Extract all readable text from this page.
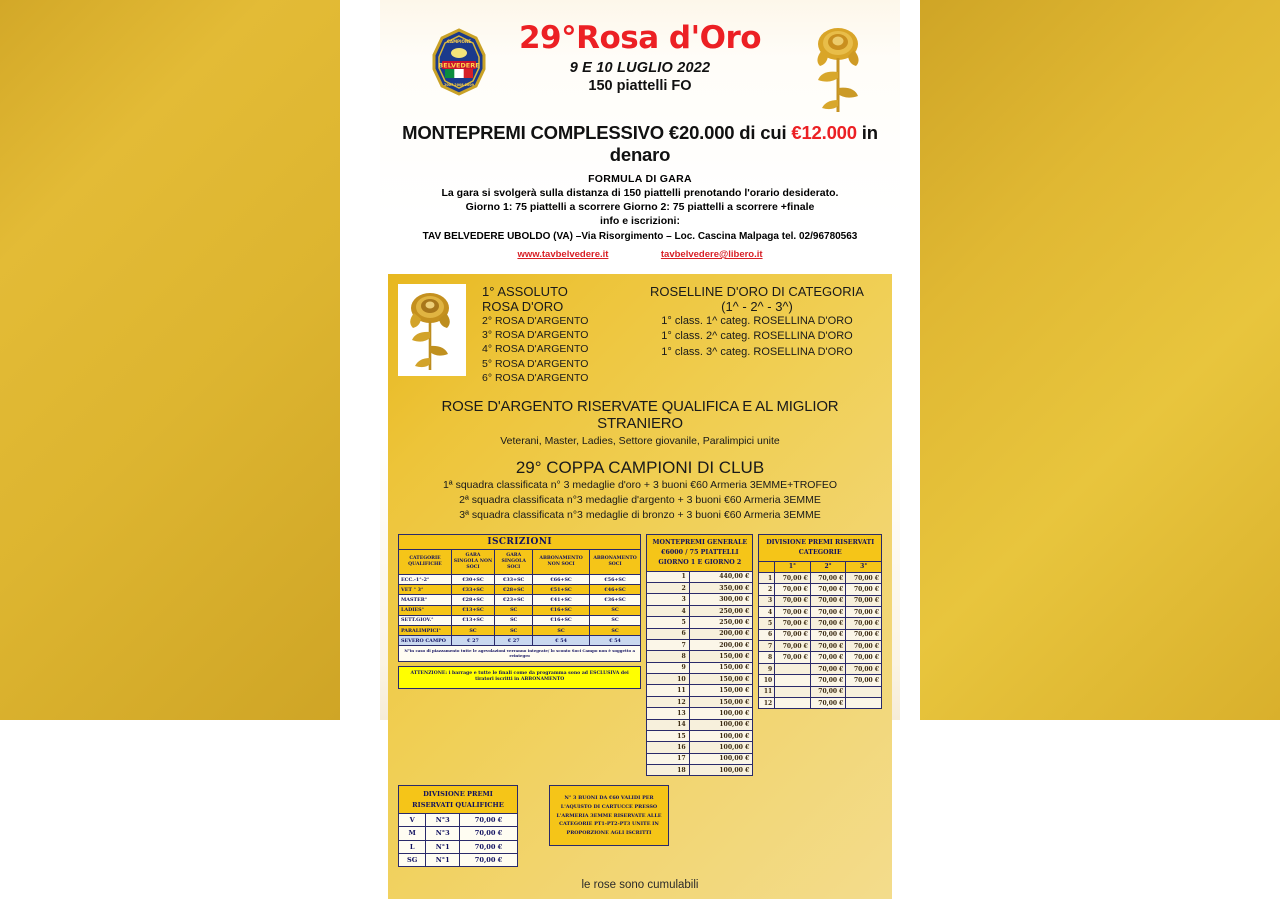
BELVEDERE
CAMPIONE
2007 2008 2009
29°Rosa d'Oro
9 E 10 LUGLIO 2022
150 piattelli FO
MONTEPREMI COMPLESSIVO €20.000 di cui €12.000 in denaro
FORMULA DI GARA
La gara si svolgerà sulla distanza di 150 piattelli prenotando l'orario desiderato.
Giorno 1: 75 piattelli a scorrere Giorno 2: 75 piattelli a scorrere +finale
info e iscrizioni:
TAV BELVEDERE UBOLDO (VA) –Via Risorgimento – Loc. Cascina Malpaga tel. 02/96780563
www.tavbelvedere.it	tavbelvedere@libero.it
1° ASSOLUTO
ROSA D'ORO
2° ROSA D'ARGENTO
3° ROSA D'ARGENTO
4° ROSA D'ARGENTO
5° ROSA D'ARGENTO
6° ROSA D'ARGENTO
ROSELLINE D'ORO DI CATEGORIA
(1^ - 2^ - 3^)
1° class. 1^ categ. ROSELLINA D'ORO
1° class. 2^ categ. ROSELLINA D'ORO
1° class. 3^ categ. ROSELLINA D'ORO
ROSE D'ARGENTO RISERVATE QUALIFICA E AL MIGLIOR STRANIERO
Veterani, Master, Ladies, Settore giovanile, Paralimpici unite
29° COPPA CAMPIONI DI CLUB
1ª squadra classificata n° 3 medaglie d'oro + 3 buoni €60 Armeria 3EMME+TROFEO
2ª squadra classificata n°3 medaglie d'argento + 3 buoni €60 Armeria 3EMME
3ª squadra classificata n°3 medaglie di bronzo + 3 buoni €60 Armeria 3EMME
ISCRIZIONI				
CATEGORIE QUALIFICHE	GARA SINGOLA NON SOCI	GARA SINGOLA SOCI	ABBONAMENTO NON SOCI	ABBONAMENTO SOCI
ECC.-1°-2°	€30+SC	€33+SC	€66+SC	€56+SC
VET ° 3°	€33+SC	€28+SC	€51+SC	€46+SC
MASTER°	€28+SC	€23+SC	€41+SC	€36+SC
LADIES°	€13+SC	SC	€16+SC	SC
SETT.GIOV.°	€13+SC	SC	€16+SC	SC
PARALIMPICI°	SC	SC	SC	SC
SEVERO CAMPO	€ 27	€ 27	€ 54	€ 54
N°in caso di piazzamento tutte le agevolazioni verranno integrate/ lo sconto Soci Campo non è soggetto a reintegro				
ATTENZIONE: i barrage e tutte le finali come da programma sono ad ESCLUSIVA dei tiratori iscritti in ABBONAMENTO
MONTEPREMI GENERALE
€6000 / 75 PIATTELLI
GIORNO 1 E GIORNO 2	
1	440,00 €
2	350,00 €
3	300,00 €
4	250,00 €
5	250,00 €
6	200,00 €
7	200,00 €
8	150,00 €
9	150,00 €
10	150,00 €
11	150,00 €
12	150,00 €
13	100,00 €
14	100,00 €
15	100,00 €
16	100,00 €
17	100,00 €
18	100,00 €
DIVISIONE PREMI RISERVATI
CATEGORIE			
	1°	2°	3°
1	70,00 €	70,00 €	70,00 €
2	70,00 €	70,00 €	70,00 €
3	70,00 €	70,00 €	70,00 €
4	70,00 €	70,00 €	70,00 €
5	70,00 €	70,00 €	70,00 €
6	70,00 €	70,00 €	70,00 €
7	70,00 €	70,00 €	70,00 €
8	70,00 €	70,00 €	70,00 €
9		70,00 €	70,00 €
10		70,00 €	70,00 €
11		70,00 €	
12		70,00 €	
DIVISIONE PREMI
RISERVATI QUALIFICHE		
V	N°3	70,00 €
M	N°3	70,00 €
L	N°1	70,00 €
SG	N°1	70,00 €
N° 3 BUONI DA €60 VALIDI PER L'AQUISTO DI CARTUCCE PRESSO L'ARMERIA 3EMME RISERVATE ALLE CATEGORIE PT1-PT2-PT3 UNITE IN PROPORZIONE AGLI ISCRITTI
le rose sono cumulabili
